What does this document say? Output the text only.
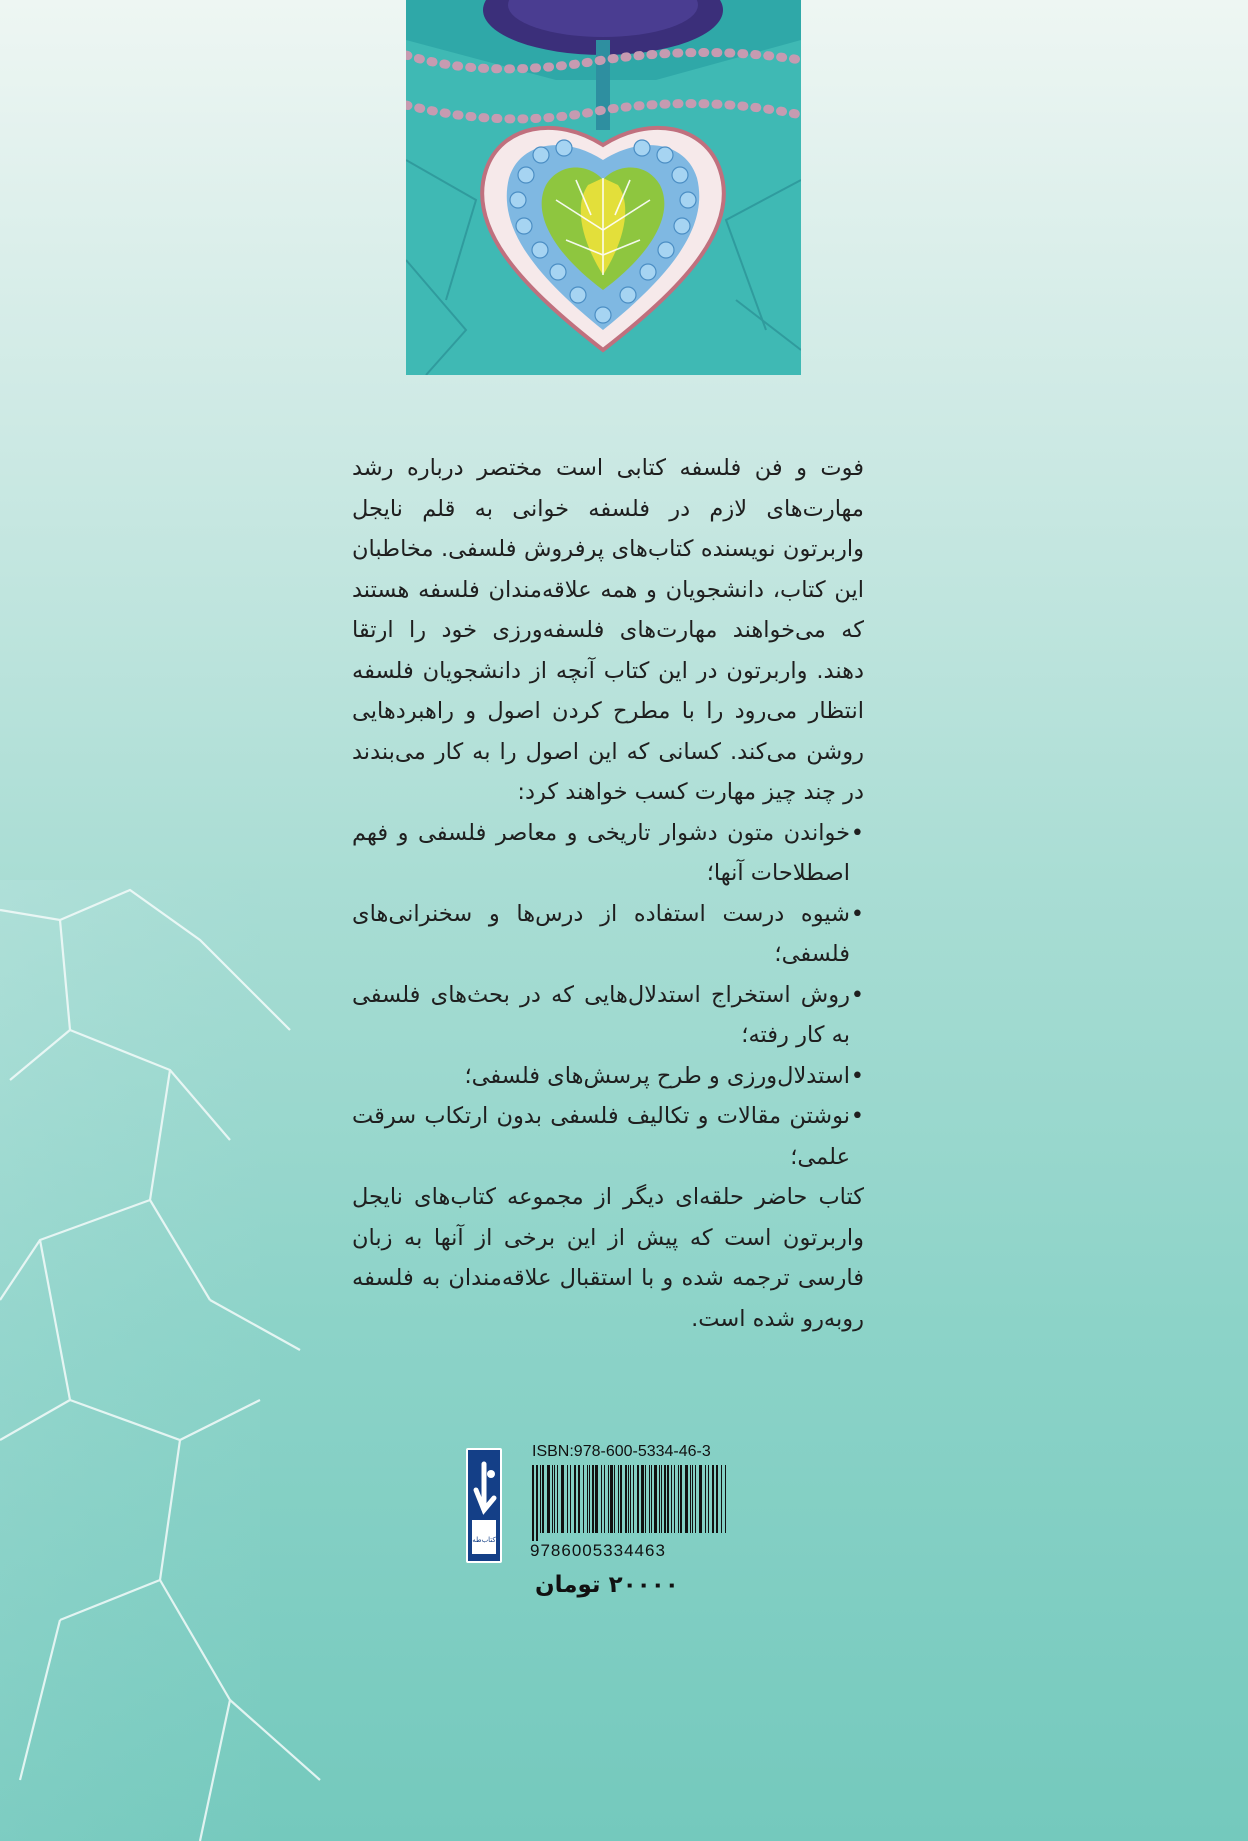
فوت و فن فلسفه کتابی است مختصر درباره رشد مهارت‌های لازم در فلسفه خوانی به قلم نایجل واربرتون نویسنده کتاب‌های پرفروش فلسفی. مخاطبان این کتاب، دانشجویان و همه علاقه‌مندان فلسفه هستند که می‌خواهند مهارت‌های فلسفه‌ورزی خود را ارتقا دهند. واربرتون در این کتاب آنچه از دانشجویان فلسفه انتظار می‌رود را با مطرح کردن اصول و راهبردهایی روشن می‌کند. کسانی که این اصول را به کار می‌بندند در چند چیز مهارت کسب خواهند کرد:

•
خواندن متون دشوار تاریخی و معاصر فلسفی و فهم اصطلاحات آنها؛
•
شیوه درست استفاده از درس‌ها و سخنرانی‌های فلسفی؛
•
روش استخراج استدلال‌هایی که در بحث‌های فلسفی به کار رفته؛
•
استدلال‌ورزی و طرح پرسش‌های فلسفی؛
•
نوشتن مقالات و تکالیف فلسفی بدون ارتکاب سرقت علمی؛

کتاب حاضر حلقه‌ای دیگر از مجموعه کتاب‌های نایجل واربرتون است که پیش از این برخی از آنها به زبان فارسی ترجمه شده و با استقبال علاقه‌مندان به فلسفه روبه‌رو شده است.

کتاب‌طه
ISBN:978-600-5334-46-3
9786005334463
۲۰۰۰۰ تومان
